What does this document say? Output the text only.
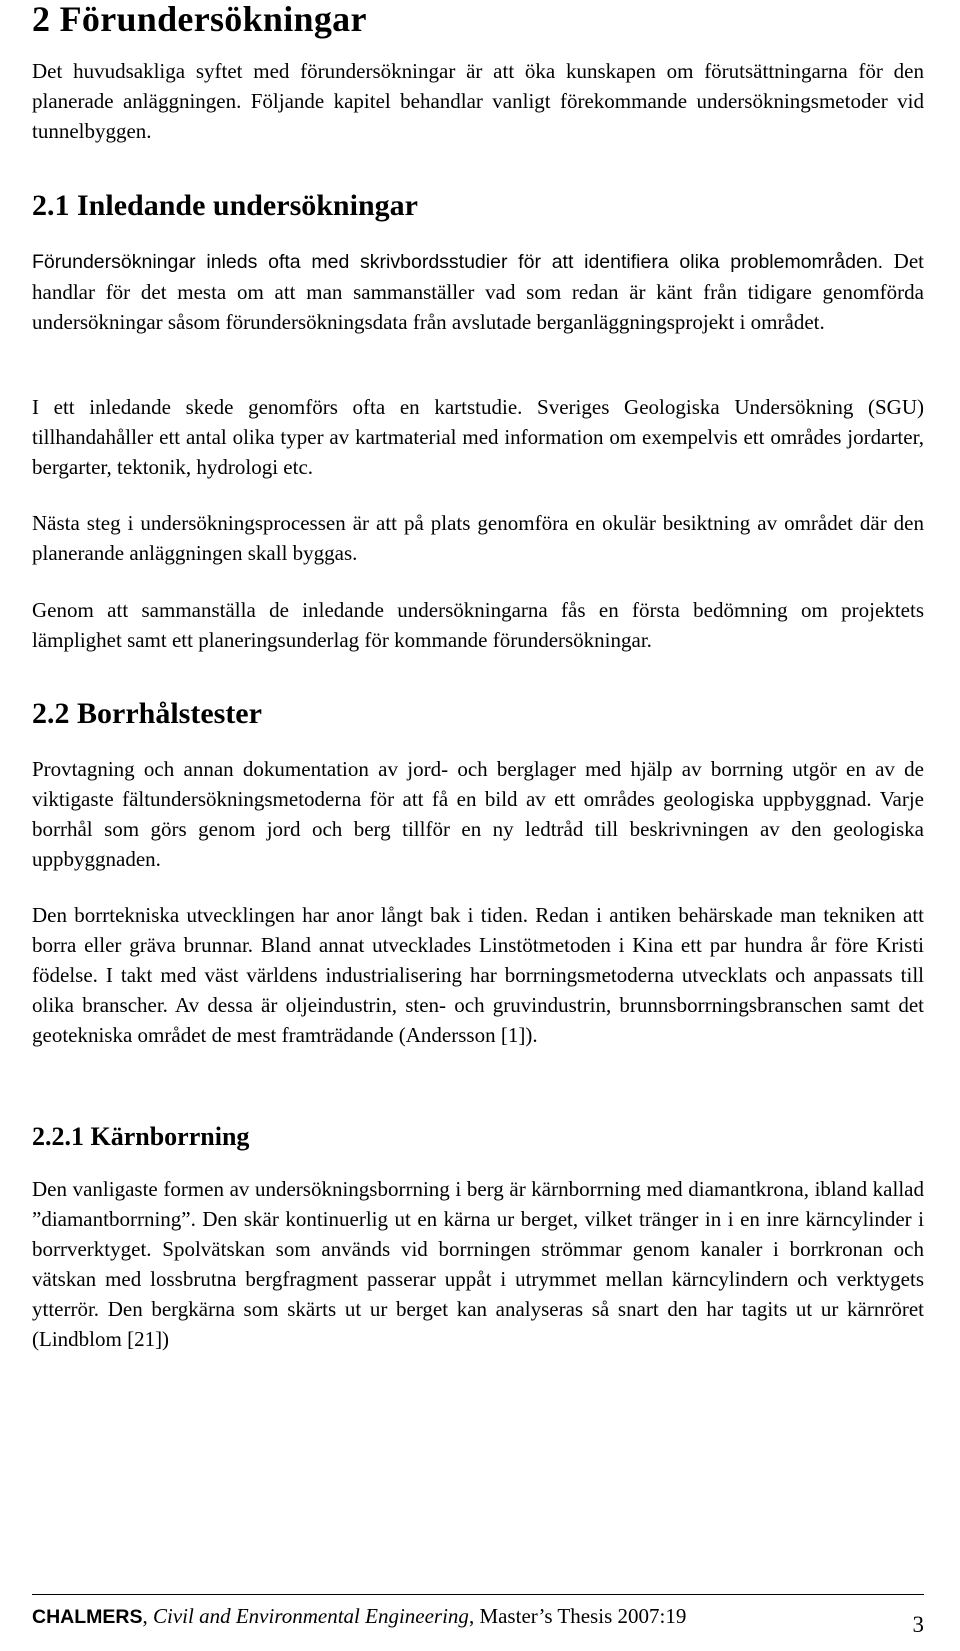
2 Förundersökningar

Det huvudsakliga syftet med förundersökningar är att öka kunskapen om förutsättningarna för den planerade anläggningen. Följande kapitel behandlar vanligt förekommande undersökningsmetoder vid tunnelbyggen.

2.1 Inledande undersökningar

Förundersökningar inleds ofta med skrivbordsstudier för att identifiera olika problemområden. Det handlar för det mesta om att man sammanställer vad som redan är känt från tidigare genomförda undersökningar såsom förundersökningsdata från avslutade berganläggningsprojekt i området.

I ett inledande skede genomförs ofta en kartstudie. Sveriges Geologiska Undersökning (SGU) tillhandahåller ett antal olika typer av kartmaterial med information om exempelvis ett områdes jordarter, bergarter, tektonik, hydrologi etc.

Nästa steg i undersökningsprocessen är att på plats genomföra en okulär besiktning av området där den planerande anläggningen skall byggas.

Genom att sammanställa de inledande undersökningarna fås en första bedömning om projektets lämplighet samt ett planeringsunderlag för kommande förundersökningar.

2.2 Borrhålstester

Provtagning och annan dokumentation av jord- och berglager med hjälp av borrning utgör en av de viktigaste fältundersökningsmetoderna för att få en bild av ett områdes geologiska uppbyggnad. Varje borrhål som görs genom jord och berg tillför en ny ledtråd till beskrivningen av den geologiska uppbyggnaden.

Den borrtekniska utvecklingen har anor långt bak i tiden. Redan i antiken behärskade man tekniken att borra eller gräva brunnar. Bland annat utvecklades Linstötmetoden i Kina ett par hundra år före Kristi födelse. I takt med väst världens industrialisering har borrningsmetoderna utvecklats och anpassats till olika branscher. Av dessa är oljeindustrin, sten- och gruvindustrin, brunnsborrningsbranschen samt det geotekniska området de mest framträdande (Andersson [1]).

2.2.1 Kärnborrning

Den vanligaste formen av undersökningsborrning i berg är kärnborrning med diamantkrona, ibland kallad ”diamantborrning”. Den skär kontinuerlig ut en kärna ur berget, vilket tränger in i en inre kärncylinder i borrverktyget. Spolvätskan som används vid borrningen strömmar genom kanaler i borrkronan och vätskan med lossbrutna bergfragment passerar uppåt i utrymmet mellan kärncylindern och verktygets ytterrör. Den bergkärna som skärts ut ur berget kan analyseras så snart den har tagits ut ur kärnröret (Lindblom [21])

CHALMERS, Civil and Environmental Engineering, Master’s Thesis 2007:19	3
